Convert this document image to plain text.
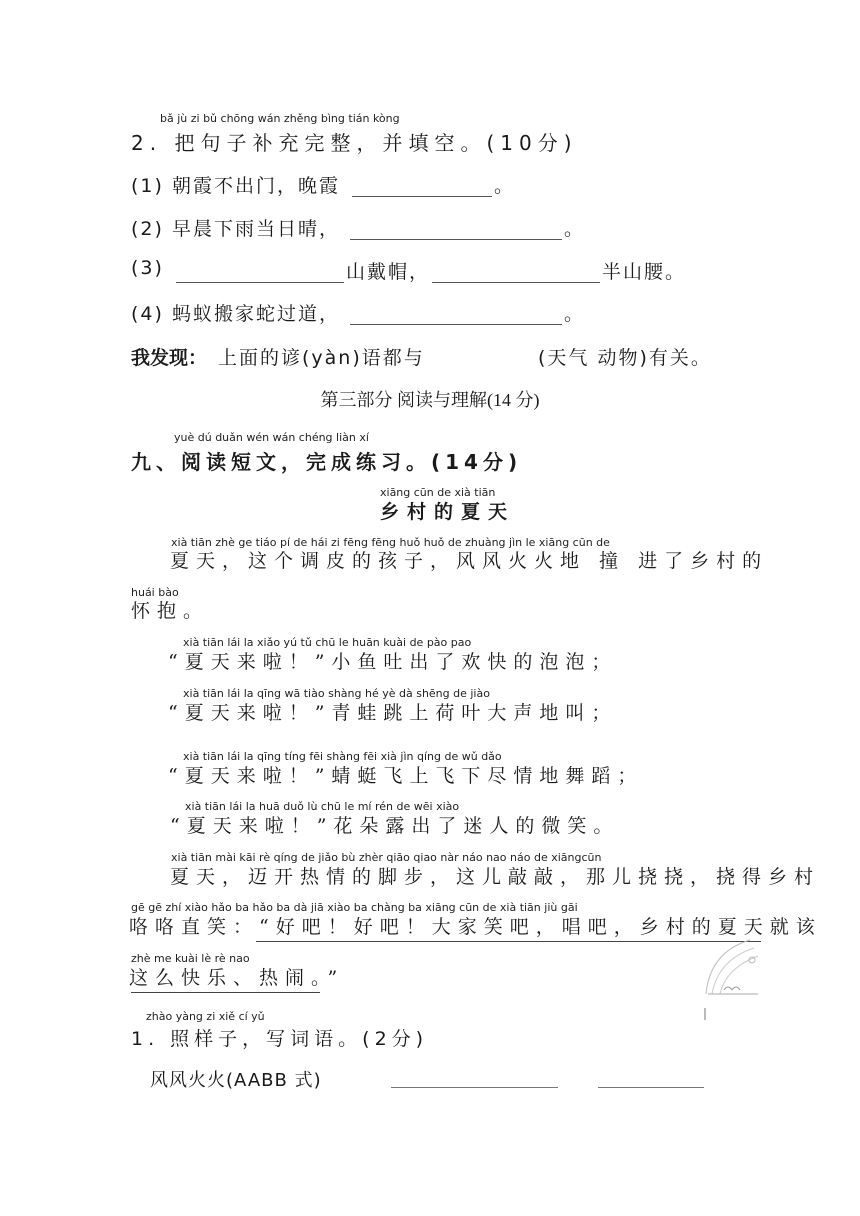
bǎ jù zi bǔ chōng wán zhěng bìng tián kòng
2. 把句子补充完整，并填空。(10分)
(1) 朝霞不出门，晚霞	。
(2) 早晨下雨当日晴，	。
(3)	山戴帽，	半山腰。
(4) 蚂蚁搬家蛇过道，	。
我发现： 上面的谚(yàn)语都与	(天气 动物)有关。
第三部分 阅读与理解(14 分)
yuè dú duǎn wén wán chéng liàn xí
九、阅读短文，完成练习。(14分)
xiāng cūn de xià tiān
乡村的夏天
xià tiān zhè ge tiáo pí de hái zi fēng fēng huǒ huǒ de zhuàng jìn le xiāng cūn de
夏天，这个调皮的孩子，风风火火地 撞 进了乡村的
huái bào
怀抱。
xià tiān lái la xiǎo yú tǔ chū le huān kuài de pào pao
“夏天来啦！”小鱼吐出了欢快的泡泡；
xià tiān lái la qīng wā tiào shàng hé yè dà shēng de jiào
“夏天来啦！”青蛙跳上荷叶大声地叫；
xià tiān lái la qīng tíng fēi shàng fēi xià jìn qíng de wǔ dǎo
“夏天来啦！”蜻蜓飞上飞下尽情地舞蹈；
xià tiān lái la huā duǒ lù chū le mí rén de wēi xiào
“夏天来啦！”花朵露出了迷人的微笑。
xià tiān mài kāi rè qíng de jiǎo bù zhèr qiāo qiao nàr náo nao náo de xiāngcūn
夏天，迈开热情的脚步，这儿敲敲，那儿挠挠，挠得乡村
gē gē zhí xiào hǎo ba hǎo ba dà jiā xiào ba chàng ba xiāng cūn de xià tiān jiù gāi
咯咯直笑：“好吧！好吧！大家笑吧，唱吧，乡村的夏天就该
zhè me kuài lè rè nao
这么快乐、热闹。”
zhào yàng zi xiě cí yǔ
1. 照样子，写词语。(2分)
风风火火(AABB 式)
